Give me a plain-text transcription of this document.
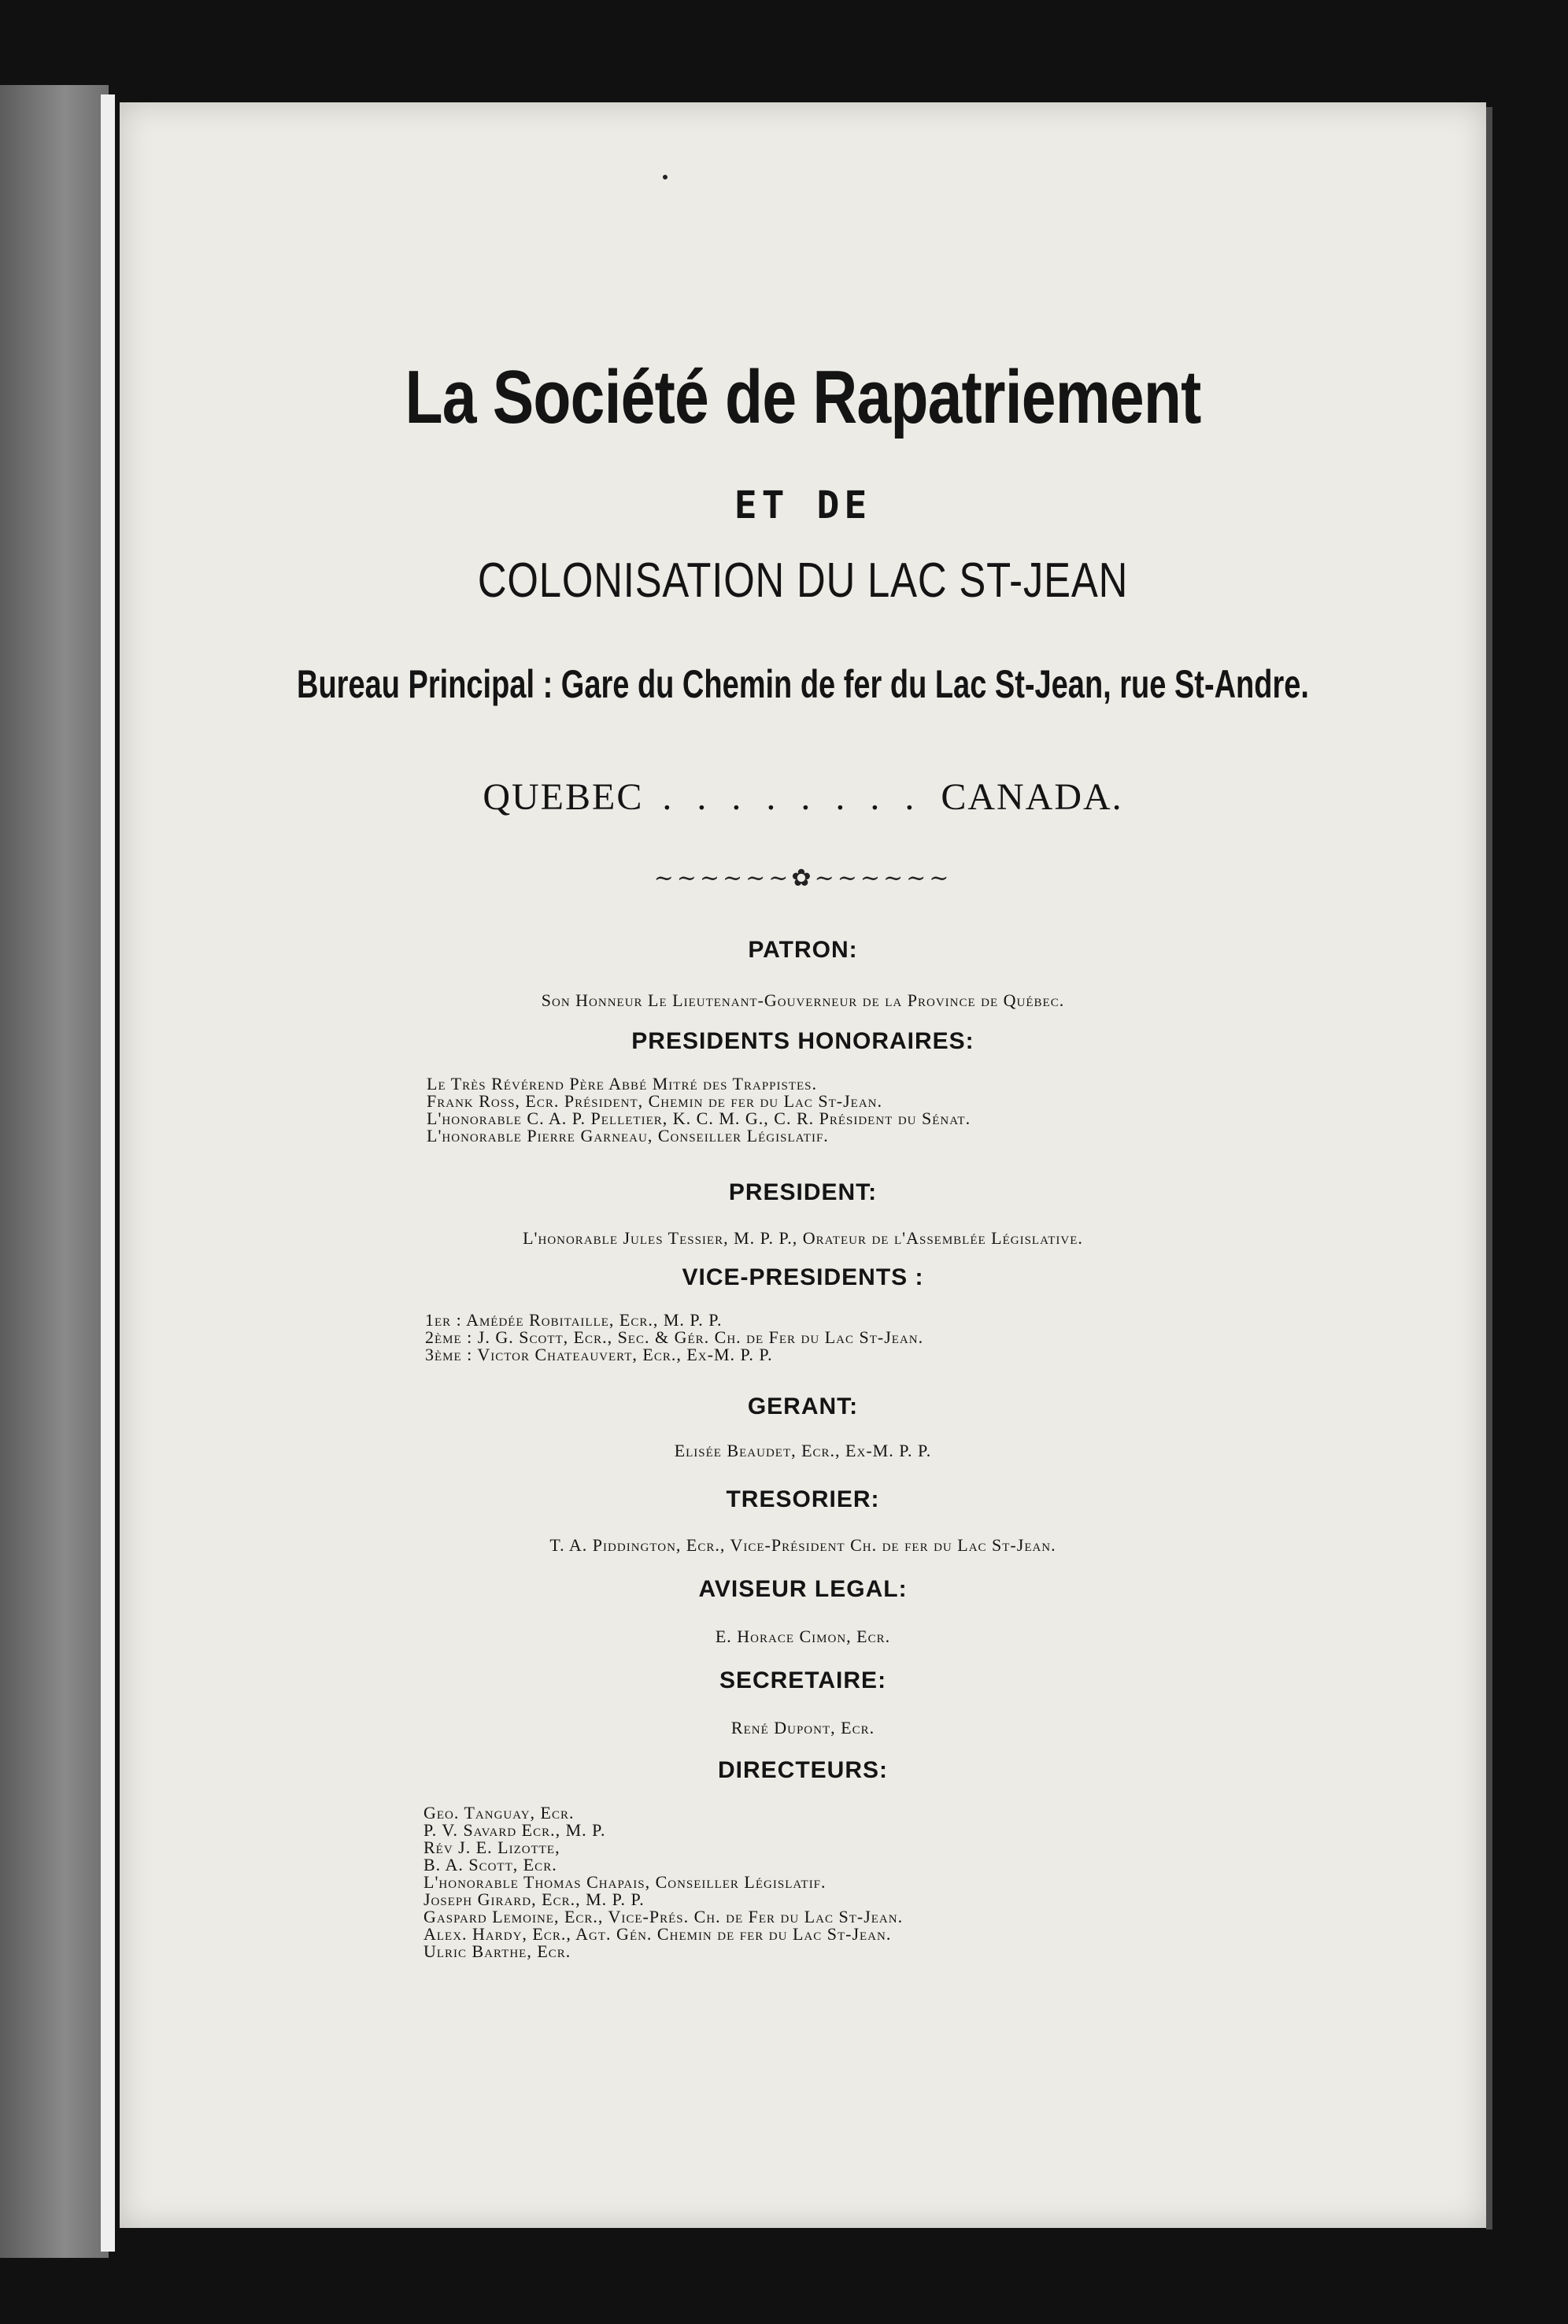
La Société de Rapatriement
ET DE
COLONISATION DU LAC ST-JEAN
Bureau Principal : Gare du Chemin de fer du Lac St-Jean, rue St-Andre.
QUEBEC . . . . . . . . CANADA.
~~~~~~✿~~~~~~
PATRON:
Son Honneur Le Lieutenant-Gouverneur de la Province de Québec.
PRESIDENTS HONORAIRES:
Le Très Révérend Père Abbé Mitré des Trappistes.
Frank Ross, Ecr. Président, Chemin de fer du Lac St-Jean.
L'honorable C. A. P. Pelletier, K. C. M. G., C. R. Président du Sénat.
L'honorable Pierre Garneau, Conseiller Législatif.
PRESIDENT:
L'honorable Jules Tessier, M. P. P., Orateur de l'Assemblée Législative.
VICE-PRESIDENTS :
1er : Amédée Robitaille, Ecr., M. P. P.
2ème : J. G. Scott, Ecr., Sec. & Gér. Ch. de Fer du Lac St-Jean.
3ème : Victor Chateauvert, Ecr., Ex-M. P. P.
GERANT:
Elisée Beaudet, Ecr., Ex-M. P. P.
TRESORIER:
T. A. Piddington, Ecr., Vice-Président Ch. de fer du Lac St-Jean.
AVISEUR LEGAL:
E. Horace Cimon, Ecr.
SECRETAIRE:
René Dupont, Ecr.
DIRECTEURS:
Geo. Tanguay, Ecr.
P. V. Savard Ecr., M. P.
Rév J. E. Lizotte,
B. A. Scott, Ecr.
L'honorable Thomas Chapais, Conseiller Législatif.
Joseph Girard, Ecr., M. P. P.
Gaspard Lemoine, Ecr., Vice-Prés. Ch. de Fer du Lac St-Jean.
Alex. Hardy, Ecr., Agt. Gén. Chemin de fer du Lac St-Jean.
Ulric Barthe, Ecr.
